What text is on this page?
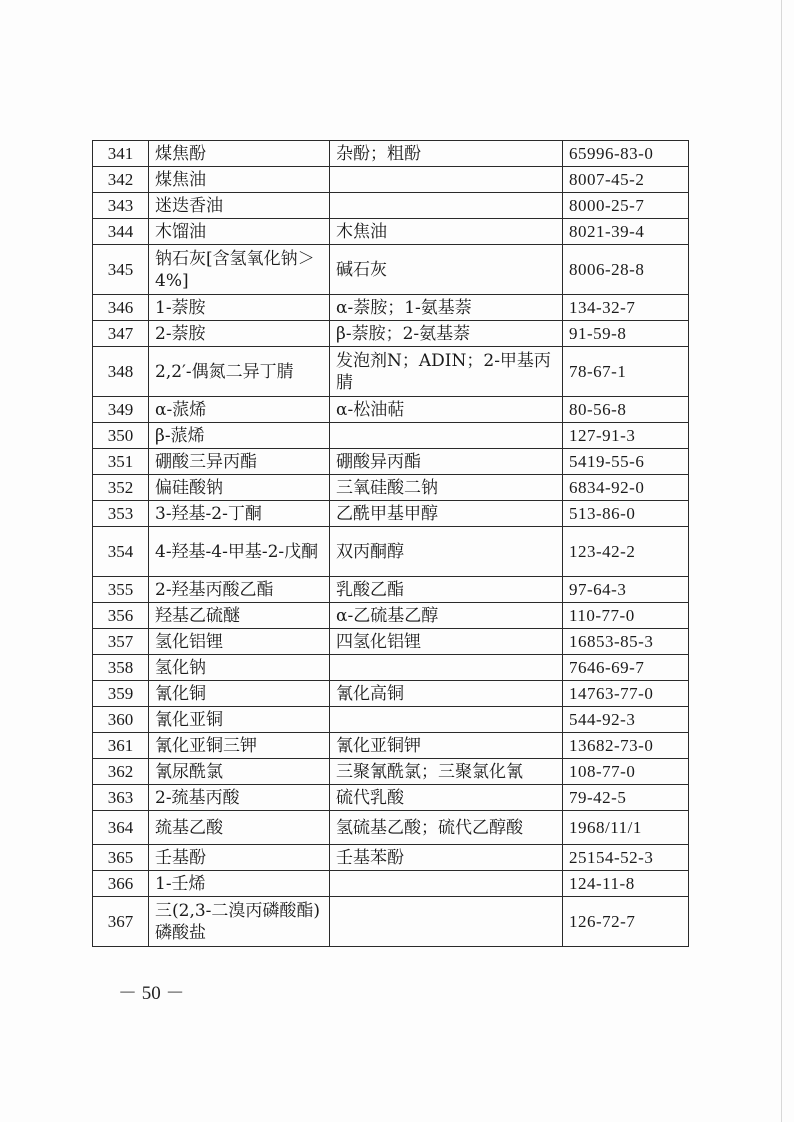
341	煤焦酚	杂酚；粗酚	65996-83-0
342	煤焦油		8007-45-2
343	迷迭香油		8000-25-7
344	木馏油	木焦油	8021-39-4
345	钠石灰[含氢氧化钠＞4%]	碱石灰	8006-28-8
346	1-萘胺	α-萘胺；1-氨基萘	134-32-7
347	2-萘胺	β-萘胺；2-氨基萘	91-59-8
348	2,2′-偶氮二异丁腈	发泡剂N；ADIN；2-甲基丙腈	78-67-1
349	α-蒎烯	α-松油萜	80-56-8
350	β-蒎烯		127-91-3
351	硼酸三异丙酯	硼酸异丙酯	5419-55-6
352	偏硅酸钠	三氧硅酸二钠	6834-92-0
353	3-羟基-2-丁酮	乙酰甲基甲醇	513-86-0
354	4-羟基-4-甲基-2-戊酮	双丙酮醇	123-42-2
355	2-羟基丙酸乙酯	乳酸乙酯	97-64-3
356	羟基乙硫醚	α-乙硫基乙醇	110-77-0
357	氢化铝锂	四氢化铝锂	16853-85-3
358	氢化钠		7646-69-7
359	氰化铜	氰化高铜	14763-77-0
360	氰化亚铜		544-92-3
361	氰化亚铜三钾	氰化亚铜钾	13682-73-0
362	氰尿酰氯	三聚氰酰氯；三聚氯化氰	108-77-0
363	2-巯基丙酸	硫代乳酸	79-42-5
364	巯基乙酸	氢硫基乙酸；硫代乙醇酸	1968/11/1
365	壬基酚	壬基苯酚	25154-52-3
366	1-壬烯		124-11-8
367	三(2,3-二溴丙磷酸酯)磷酸盐		126-72-7
－ 50 －
